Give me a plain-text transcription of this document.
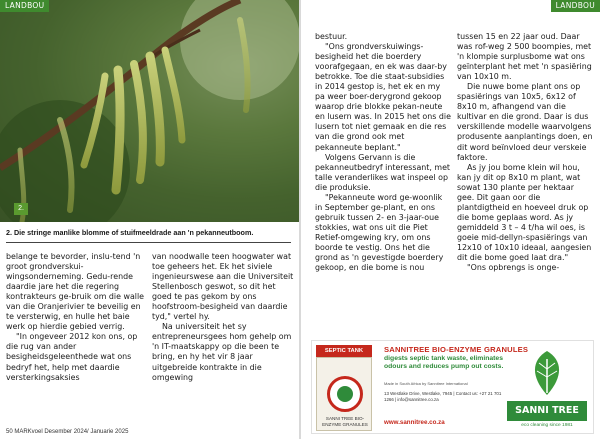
LANDBOU
2.
2. Die stringe manlike blomme of stuifmeeldrade aan 'n pekanneutboom.

belange te bevorder, inslu-tend 'n groot grondverskui-wingsonderneming. Gedu-rende daardie jare het die regering kontrakteurs ge-bruik om die walle van die Oranjerivier te beveilig en te versterwig, en hulle het baie werk op hierdie gebied verrig.

"In ongeveer 2012 kon ons, op die rug van ander besigheidsgeleenthede wat ons bedryf het, help met daardie versterkingsaksies

van noodwalle teen hoogwater wat toe geheers het. Ek het siviele ingenieurswese aan die Universiteit Stellenbosch geswot, so dit het goed te pas gekom by ons hoofstroom-besigheid van daardie tyd," vertel hy.

Na universiteit het sy entrepreneursgees hom gehelp om 'n IT-maatskappy op die been te bring, en hy het vir 8 jaar uitgebreide kontrakte in die omgewing

50 MARKvoel Desember 2024/ Januarie 2025
LANDBOU

bestuur.

"Ons grondverskuiwings-besigheid het die boerdery voorafgegaan, en ek was daar-by betrokke. Toe die staat-subsidies in 2014 gestop is, het ek en my pa weer boer-derygrond gekoop waarop drie blokke pekan-neute en lusern was. In 2015 het ons die lusern tot niet gemaak en die res van die grond ook met pekanneute beplant."

Volgens Gervann is die pekanneutbedryf interessant, met talle veranderlikes wat inspeel op die produksie.

"Pekanneute word ge-woonlik in September ge-plant, en ons gebruik tussen 2- en 3-jaar-oue stokkies, wat ons uit die Piet Retief-omgewing kry, om ons boorde te vestig. Ons het die grond as 'n gevestigde boerdery gekoop, en die bome is nou

tussen 15 en 22 jaar oud. Daar was rof-weg 2 500 boompies, met 'n klompie surplusbome wat ons geïnterplant het met 'n spasiëring van 10x10 m.

Die nuwe bome plant ons op spasiërings van 10x5, 6x12 of 8x10 m, afhangend van die kultivar en die grond. Daar is dus verskillende modelle waarvolgens produsente aanplantings doen, en dit word beïnvloed deur verskeie faktore.

As jy jou bome klein wil hou, kan jy dit op 8x10 m plant, wat sowat 130 plante per hektaar gee. Dit gaan oor die plantdigtheid en hoeveel druk op die bome geplaas word. As jy gemiddeld 3 t – 4 t/ha wil oes, is goeie mid-dellyn-spasiërings van 12x10 of 10x10 ideaal, aangesien dit die bome goed laat dra."

"Ons opbrengs is onge-

SEPTIC TANK
SANNI TREE BIO-ENZYME GRANULES
SANNITREE BIO-ENZYME GRANULES
digests septic tank waste, eliminates odours and reduces pump out costs.
Made in South Africa by Sannitree International
13 Westlake Drive, Westlake, 7945 | Contact us: +27 21 701 1266 | info@sannitree.co.za
www.sannitree.co.za
SANNI TREE
eco cleaning since 1981
